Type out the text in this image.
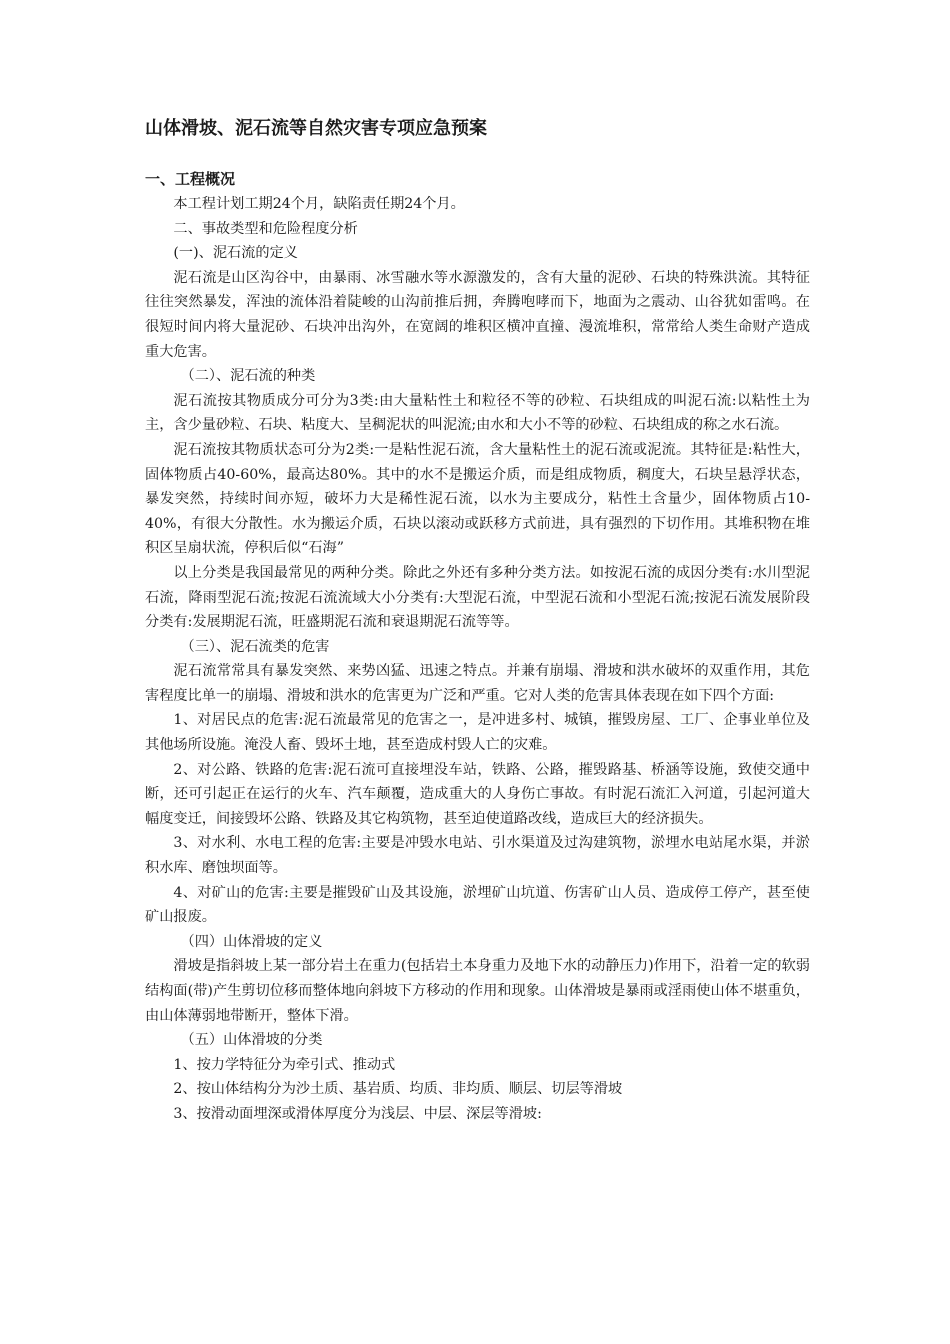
山体滑坡、泥石流等自然灾害专项应急预案
一、工程概况

本工程计划工期24个月，缺陷责任期24个月。

二、事故类型和危险程度分析

(一)、泥石流的定义

泥石流是山区沟谷中，由暴雨、冰雪融水等水源激发的，含有大量的泥砂、石块的特殊洪流。其特征往往突然暴发，浑浊的流体沿着陡峻的山沟前推后拥，奔腾咆哮而下，地面为之震动、山谷犹如雷鸣。在很短时间内将大量泥砂、石块冲出沟外，在宽阔的堆积区横冲直撞、漫流堆积，常常给人类生命财产造成重大危害。

（二）、泥石流的种类

泥石流按其物质成分可分为3类:由大量粘性土和粒径不等的砂粒、石块组成的叫泥石流:以粘性土为主，含少量砂粒、石块、粘度大、呈稠泥状的叫泥流;由水和大小不等的砂粒、石块组成的称之水石流。

泥石流按其物质状态可分为2类:一是粘性泥石流，含大量粘性土的泥石流或泥流。其特征是:粘性大，固体物质占40-60%，最高达80%。其中的水不是搬运介质，而是组成物质，稠度大，石块呈悬浮状态，暴发突然，持续时间亦短，破坏力大是稀性泥石流，以水为主要成分，粘性土含量少，固体物质占10-40%，有很大分散性。水为搬运介质，石块以滚动或跃移方式前进，具有强烈的下切作用。其堆积物在堆积区呈扇状流，停积后似“石海”

以上分类是我国最常见的两种分类。除此之外还有多种分类方法。如按泥石流的成因分类有:水川型泥石流，降雨型泥石流;按泥石流流域大小分类有:大型泥石流，中型泥石流和小型泥石流;按泥石流发展阶段分类有:发展期泥石流，旺盛期泥石流和衰退期泥石流等等。

（三）、泥石流类的危害

泥石流常常具有暴发突然、来势凶猛、迅速之特点。并兼有崩塌、滑坡和洪水破坏的双重作用，其危害程度比单一的崩塌、滑坡和洪水的危害更为广泛和严重。它对人类的危害具体表现在如下四个方面:

1、对居民点的危害:泥石流最常见的危害之一，是冲进多村、城镇，摧毁房屋、工厂、企事业单位及其他场所设施。淹没人畜、毁坏土地，甚至造成村毁人亡的灾难。

2、对公路、铁路的危害:泥石流可直接埋没车站，铁路、公路，摧毁路基、桥涵等设施，致使交通中断，还可引起正在运行的火车、汽车颠覆，造成重大的人身伤亡事故。有时泥石流汇入河道，引起河道大幅度变迁，间接毁坏公路、铁路及其它构筑物，甚至迫使道路改线，造成巨大的经济损失。

3、对水利、水电工程的危害:主要是冲毁水电站、引水渠道及过沟建筑物，淤埋水电站尾水渠，并淤积水库、磨蚀坝面等。

4、对矿山的危害:主要是摧毁矿山及其设施，淤埋矿山坑道、伤害矿山人员、造成停工停产，甚至使矿山报废。

（四）山体滑坡的定义

滑坡是指斜坡上某一部分岩土在重力(包括岩土本身重力及地下水的动静压力)作用下，沿着一定的软弱结构面(带)产生剪切位移而整体地向斜坡下方移动的作用和现象。山体滑坡是暴雨或淫雨使山体不堪重负，由山体薄弱地带断开，整体下滑。

（五）山体滑坡的分类

1、按力学特征分为牵引式、推动式

2、按山体结构分为沙土质、基岩质、均质、非均质、顺层、切层等滑坡

3、按滑动面埋深或滑体厚度分为浅层、中层、深层等滑坡:
